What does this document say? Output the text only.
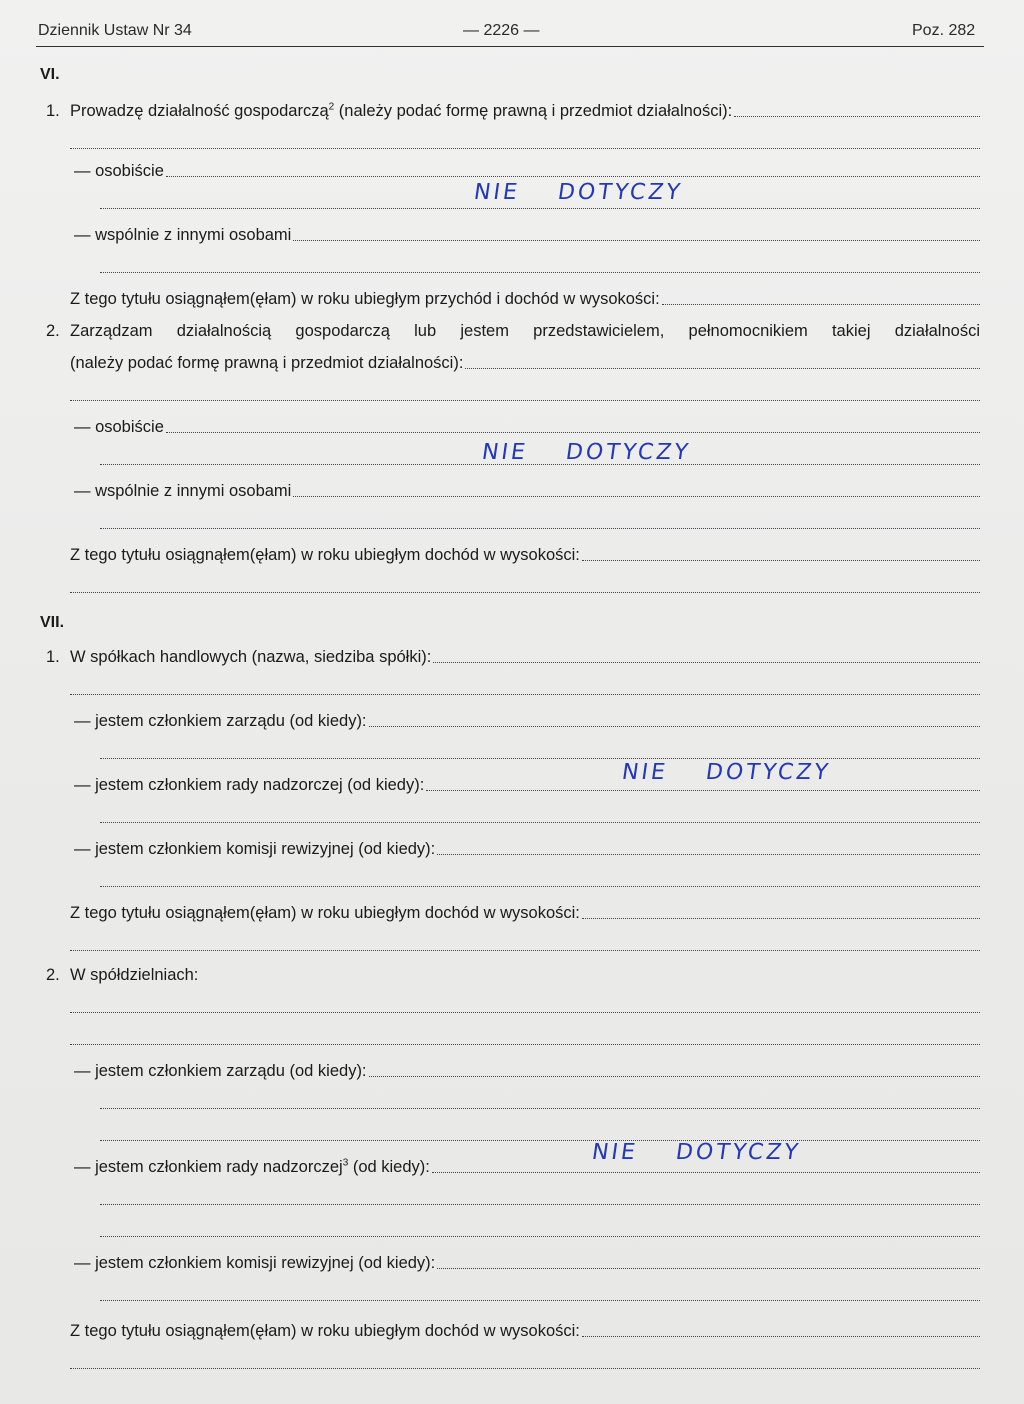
Dziennik Ustaw Nr 34	— 2226 —	Poz. 282
VI.
1. Prowadzę działalność gospodarczą$^2$ (należy podać formę prawną i przedmiot działalności):
— osobiście
— wspólnie z innymi osobami
Z tego tytułu osiągnąłem(ęłam) w roku ubiegłym przychód i dochód w wysokości:
2. Zarządzam działalnością gospodarczą lub jestem przedstawicielem, pełnomocnikiem takiej działalności
(należy podać formę prawną i przedmiot działalności):
— osobiście
— wspólnie z innymi osobami
Z tego tytułu osiągnąłem(ęłam) w roku ubiegłym dochód w wysokości:
VII.
1. W spółkach handlowych (nazwa, siedziba spółki):
— jestem członkiem zarządu (od kiedy):
— jestem członkiem rady nadzorczej (od kiedy):
— jestem członkiem komisji rewizyjnej (od kiedy):
Z tego tytułu osiągnąłem(ęłam) w roku ubiegłym dochód w wysokości:
2. W spółdzielniach:
— jestem członkiem zarządu (od kiedy):
— jestem członkiem rady nadzorczej$^3$ (od kiedy):
— jestem członkiem komisji rewizyjnej (od kiedy):
Z tego tytułu osiągnąłem(ęłam) w roku ubiegłym dochód w wysokości:
NIE DOTYCZY
NIE DOTYCZY
NIE DOTYCZY
NIE DOTYCZY
